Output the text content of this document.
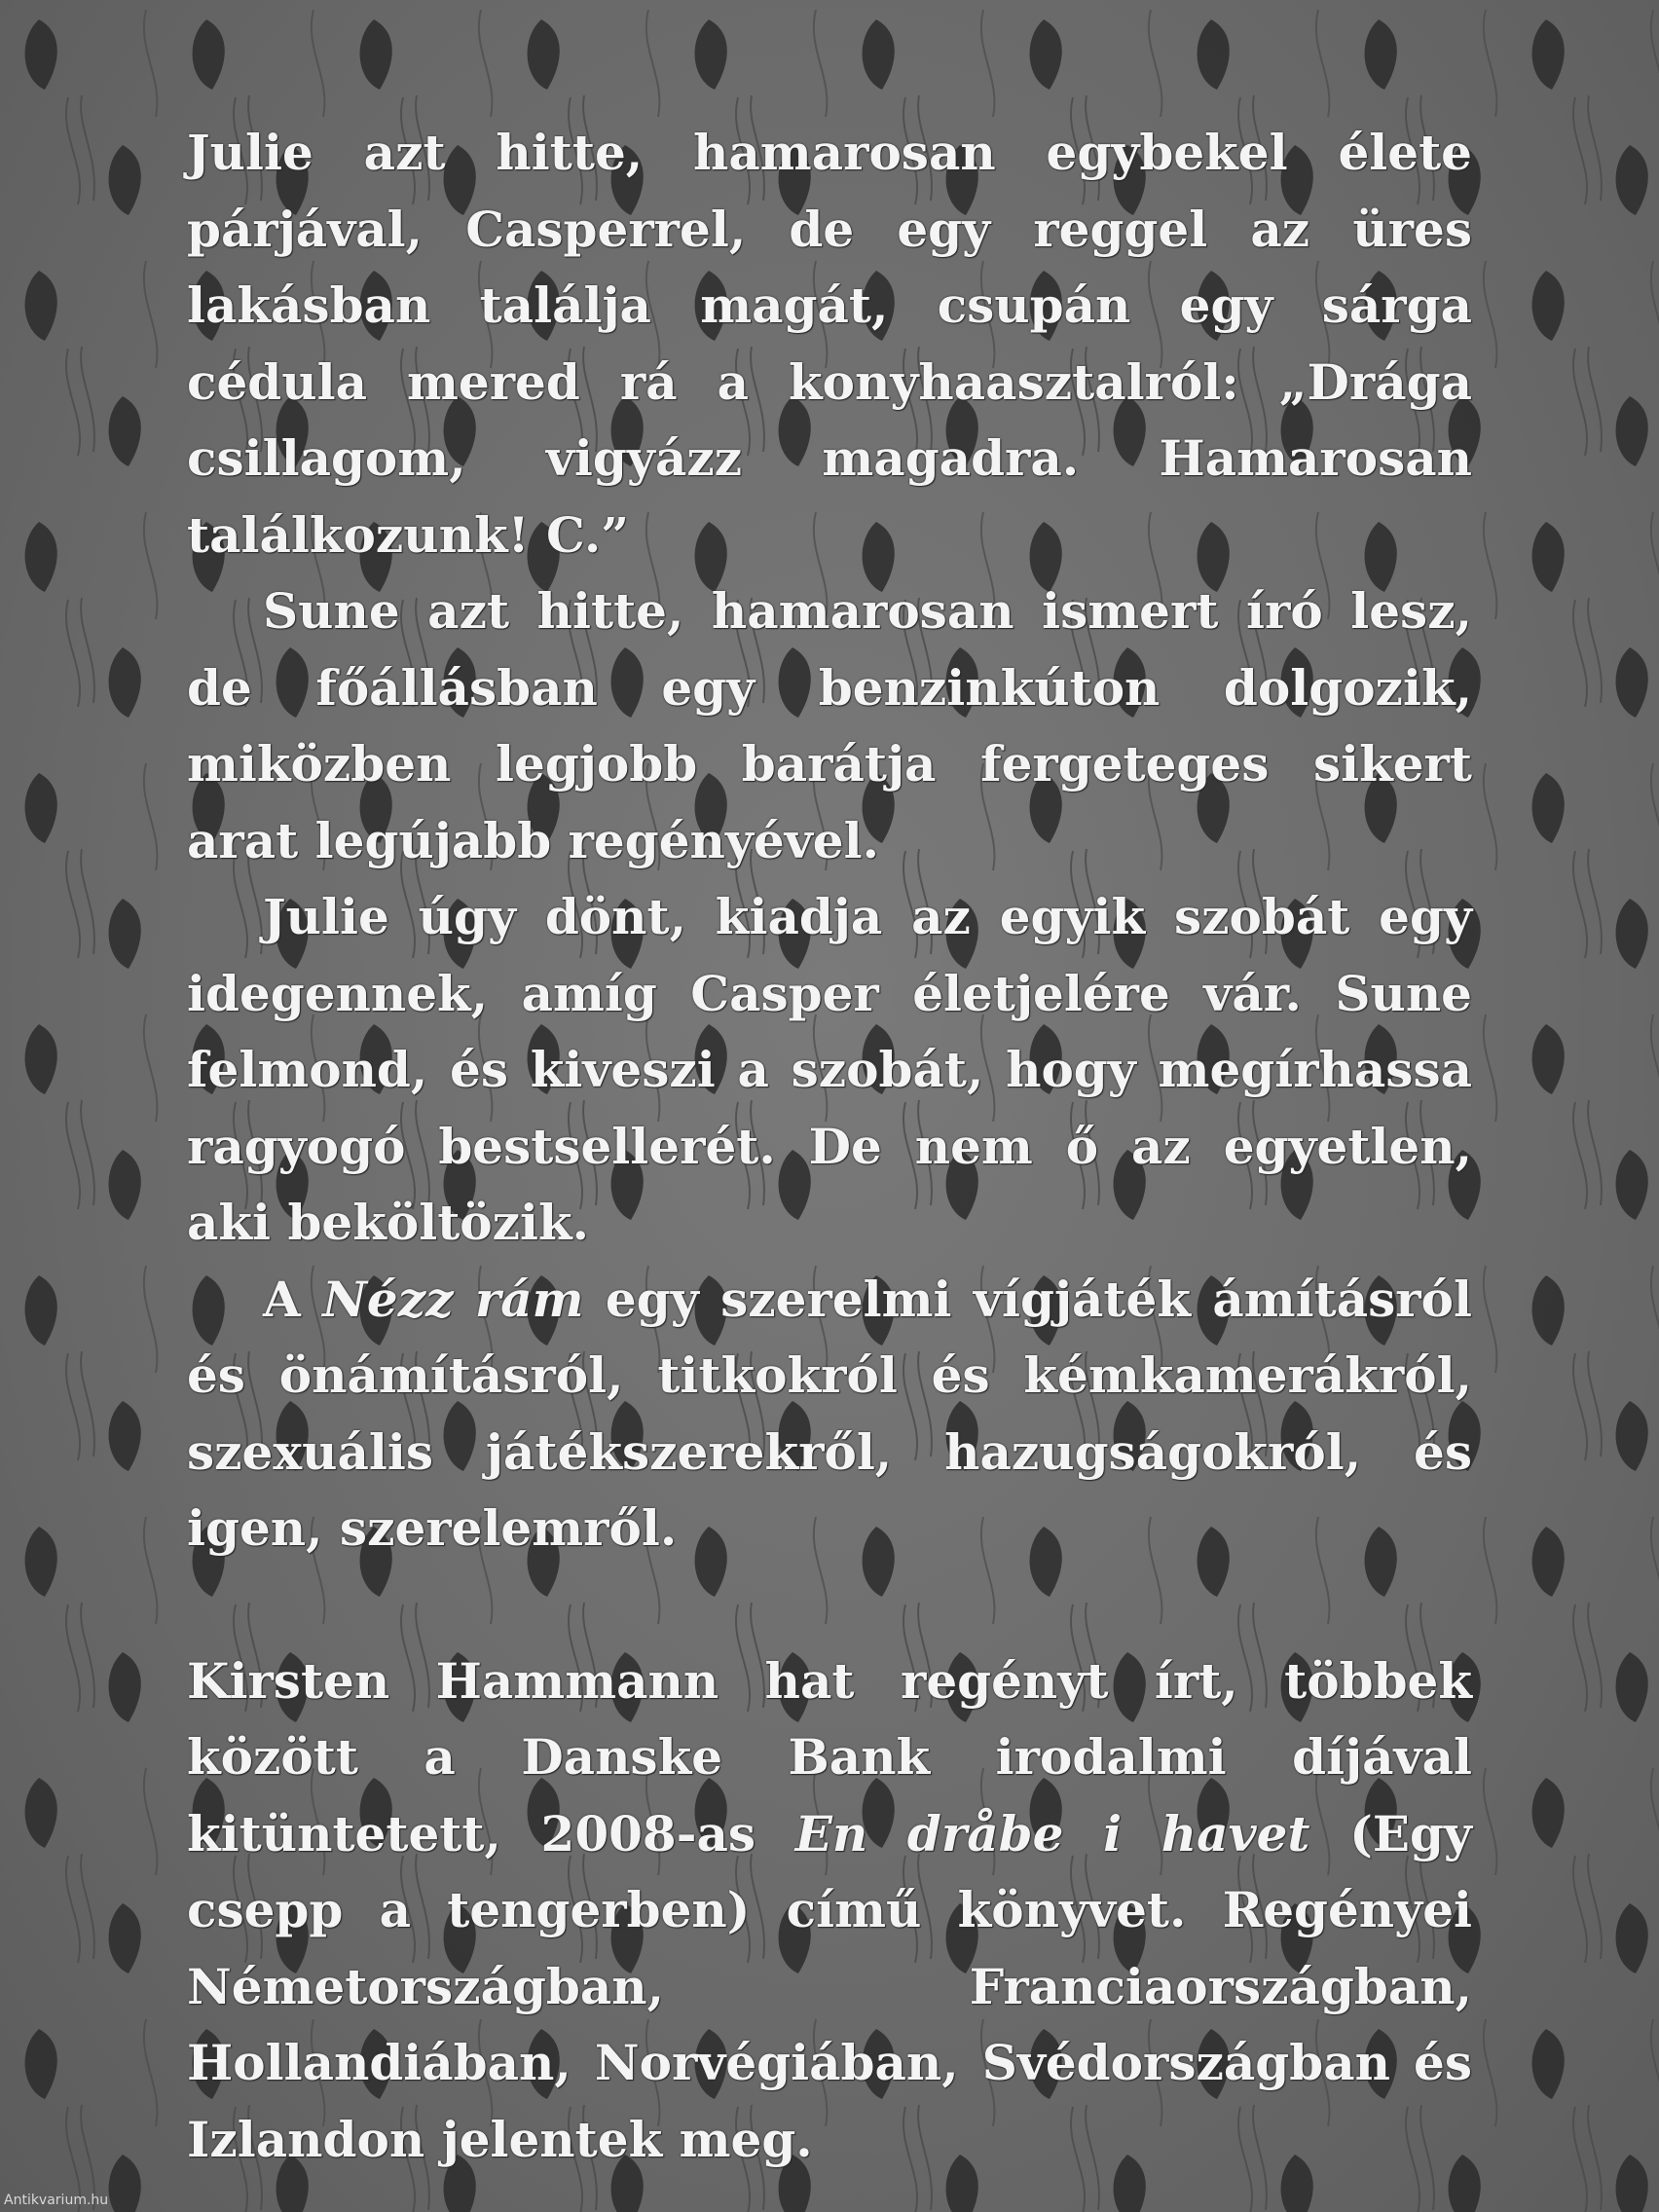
Julie azt hitte, hamarosan egybekel élete párjával, Casperrel, de egy reggel az üres lakásban találja magát, csupán egy sárga cédula mered rá a konyhaasztalról: „Drága csillagom, vigyázz magadra. Hamarosan találkozunk! C.”

Sune azt hitte, hamarosan ismert író lesz, de főállásban egy benzinkúton dolgozik, miközben legjobb barátja fergeteges sikert arat legújabb regényével.

Julie úgy dönt, kiadja az egyik szobát egy idegennek, amíg Casper életjelére vár. Sune felmond, és kiveszi a szobát, hogy megírhassa ragyogó bestsellerét. De nem ő az egyetlen, aki beköltözik.

A Nézz rám egy szerelmi vígjáték ámításról és önámításról, titkokról és kémkamerákról, szexuális játékszerekről, hazugságokról, és igen, szerelemről.

Kirsten Hammann hat regényt írt, többek között a Danske Bank irodalmi díjával kitüntetett, 2008-as En dråbe i havet (Egy csepp a tengerben) című könyvet. Regényei Németországban, Franciaországban, Hollandiában, Norvégiában, Svédországban és Izlandon jelentek meg.

Antikvarium.hu
